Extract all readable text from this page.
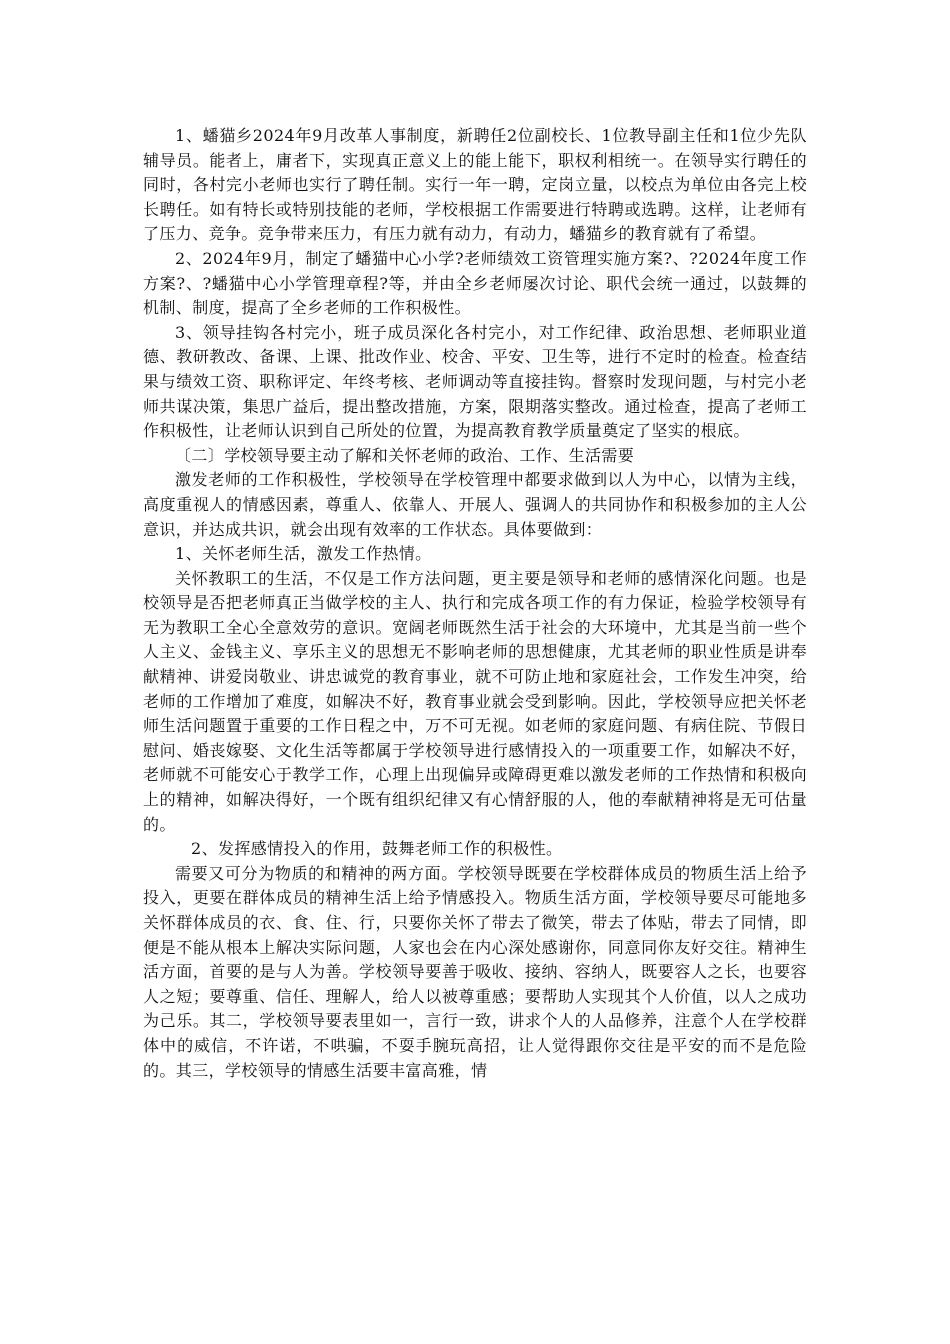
1、蟠猫乡2024年9月改革人事制度，新聘任2位副校长、1位教导副主任和1位少先队辅导员。能者上，庸者下，实现真正意义上的能上能下，职权利相统一。在领导实行聘任的同时，各村完小老师也实行了聘任制。实行一年一聘，定岗立量，以校点为单位由各完上校长聘任。如有特长或特别技能的老师，学校根据工作需要进行特聘或选聘。这样，让老师有了压力、竞争。竞争带来压力，有压力就有动力，有动力，蟠猫乡的教育就有了希望。

2、2024年9月，制定了蟠猫中心小学?老师绩效工资管理实施方案?、?2024年度工作方案?、?蟠猫中心小学管理章程?等，并由全乡老师屡次讨论、职代会统一通过，以鼓舞的机制、制度，提高了全乡老师的工作积极性。

3、领导挂钩各村完小，班子成员深化各村完小，对工作纪律、政治思想、老师职业道德、教研教改、备课、上课、批改作业、校舍、平安、卫生等，进行不定时的检查。检查结果与绩效工资、职称评定、年终考核、老师调动等直接挂钩。督察时发现问题，与村完小老师共谋决策，集思广益后，提出整改措施，方案，限期落实整改。通过检查，提高了老师工作积极性，让老师认识到自己所处的位置，为提高教育教学质量奠定了坚实的根底。

〔二〕学校领导要主动了解和关怀老师的政治、工作、生活需要

激发老师的工作积极性，学校领导在学校管理中都要求做到以人为中心，以情为主线，高度重视人的情感因素，尊重人、依靠人、开展人、强调人的共同协作和积极参加的主人公意识，并达成共识，就会出现有效率的工作状态。具体要做到：

1、关怀老师生活，激发工作热情。

关怀教职工的生活，不仅是工作方法问题，更主要是领导和老师的感情深化问题。也是校领导是否把老师真正当做学校的主人、执行和完成各项工作的有力保证，检验学校领导有无为教职工全心全意效劳的意识。宽阔老师既然生活于社会的大环境中，尤其是当前一些个人主义、金钱主义、享乐主义的思想无不影响老师的思想健康，尤其老师的职业性质是讲奉献精神、讲爱岗敬业、讲忠诚党的教育事业，就不可防止地和家庭社会，工作发生冲突，给老师的工作增加了难度，如解决不好，教育事业就会受到影响。因此，学校领导应把关怀老师生活问题置于重要的工作日程之中，万不可无视。如老师的家庭问题、有病住院、节假日慰问、婚丧嫁娶、文化生活等都属于学校领导进行感情投入的一项重要工作，如解决不好，老师就不可能安心于教学工作，心理上出现偏异或障碍更难以激发老师的工作热情和积极向上的精神，如解决得好，一个既有组织纪律又有心情舒服的人，他的奉献精神将是无可估量的。

2、发挥感情投入的作用，鼓舞老师工作的积极性。

需要又可分为物质的和精神的两方面。学校领导既要在学校群体成员的物质生活上给予投入，更要在群体成员的精神生活上给予情感投入。物质生活方面，学校领导要尽可能地多关怀群体成员的衣、食、住、行，只要你关怀了带去了微笑，带去了体贴，带去了同情，即便是不能从根本上解决实际问题，人家也会在内心深处感谢你，同意同你友好交往。精神生活方面，首要的是与人为善。学校领导要善于吸收、接纳、容纳人，既要容人之长，也要容人之短；要尊重、信任、理解人，给人以被尊重感；要帮助人实现其个人价值，以人之成功为己乐。其二，学校领导要表里如一，言行一致，讲求个人的人品修养，注意个人在学校群体中的威信，不许诺，不哄骗，不耍手腕玩高招，让人觉得跟你交往是平安的而不是危险的。其三，学校领导的情感生活要丰富高雅，情
